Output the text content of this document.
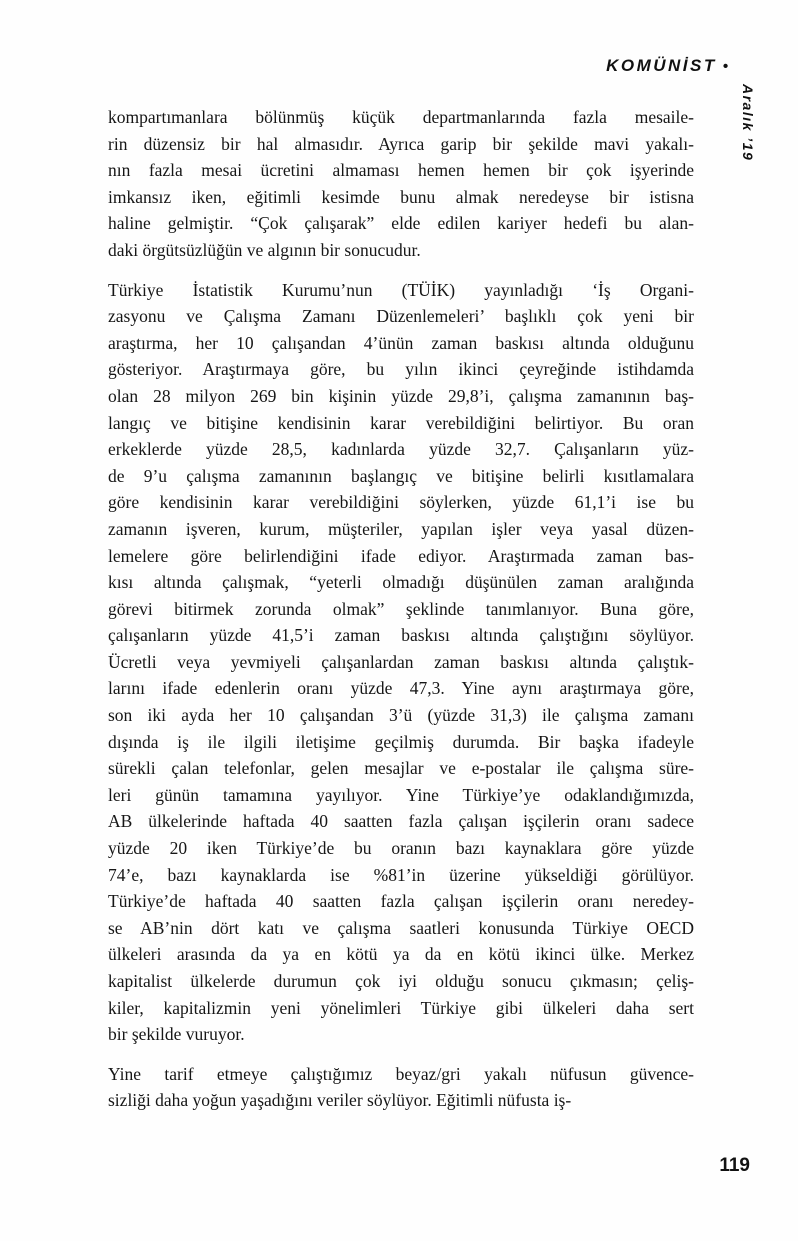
KOMÜNİST •
Aralık ’19
kompartımanlara bölünmüş küçük departmanlarında fazla mesaile-
rin düzensiz bir hal almasıdır. Ayrıca garip bir şekilde mavi yakalı-
nın fazla mesai ücretini almaması hemen hemen bir çok işyerinde
imkansız iken, eğitimli kesimde bunu almak neredeyse bir istisna
haline gelmiştir. “Çok çalışarak” elde edilen kariyer hedefi bu alan-
daki örgütsüzlüğün ve algının bir sonucudur.
Türkiye İstatistik Kurumu’nun (TÜİK) yayınladığı ‘İş Organi-
zasyonu ve Çalışma Zamanı Düzenlemeleri’ başlıklı çok yeni bir
araştırma, her 10 çalışandan 4’ünün zaman baskısı altında olduğunu
gösteriyor. Araştırmaya göre, bu yılın ikinci çeyreğinde istihdamda
olan 28 milyon 269 bin kişinin yüzde 29,8’i, çalışma zamanının baş-
langıç ve bitişine kendisinin karar verebildiğini belirtiyor. Bu oran
erkeklerde yüzde 28,5, kadınlarda yüzde 32,7. Çalışanların yüz-
de 9’u çalışma zamanının başlangıç ve bitişine belirli kısıtlamalara
göre kendisinin karar verebildiğini söylerken, yüzde 61,1’i ise bu
zamanın işveren, kurum, müşteriler, yapılan işler veya yasal düzen-
lemelere göre belirlendiğini ifade ediyor. Araştırmada zaman bas-
kısı altında çalışmak, “yeterli olmadığı düşünülen zaman aralığında
görevi bitirmek zorunda olmak” şeklinde tanımlanıyor. Buna göre,
çalışanların yüzde 41,5’i zaman baskısı altında çalıştığını söylüyor.
Ücretli veya yevmiyeli çalışanlardan zaman baskısı altında çalıştık-
larını ifade edenlerin oranı yüzde 47,3. Yine aynı araştırmaya göre,
son iki ayda her 10 çalışandan 3’ü (yüzde 31,3) ile çalışma zamanı
dışında iş ile ilgili iletişime geçilmiş durumda. Bir başka ifadeyle
sürekli çalan telefonlar, gelen mesajlar ve e-postalar ile çalışma süre-
leri günün tamamına yayılıyor. Yine Türkiye’ye odaklandığımızda,
AB ülkelerinde haftada 40 saatten fazla çalışan işçilerin oranı sadece
yüzde 20 iken Türkiye’de bu oranın bazı kaynaklara göre yüzde
74’e, bazı kaynaklarda ise %81’in üzerine yükseldiği görülüyor.
Türkiye’de haftada 40 saatten fazla çalışan işçilerin oranı neredey-
se AB’nin dört katı ve çalışma saatleri konusunda Türkiye OECD
ülkeleri arasında da ya en kötü ya da en kötü ikinci ülke. Merkez
kapitalist ülkelerde durumun çok iyi olduğu sonucu çıkmasın; çeliş-
kiler, kapitalizmin yeni yönelimleri Türkiye gibi ülkeleri daha sert
bir şekilde vuruyor.
Yine tarif etmeye çalıştığımız beyaz/gri yakalı nüfusun güvence-
sizliği daha yoğun yaşadığını veriler söylüyor. Eğitimli nüfusta iş-
119
